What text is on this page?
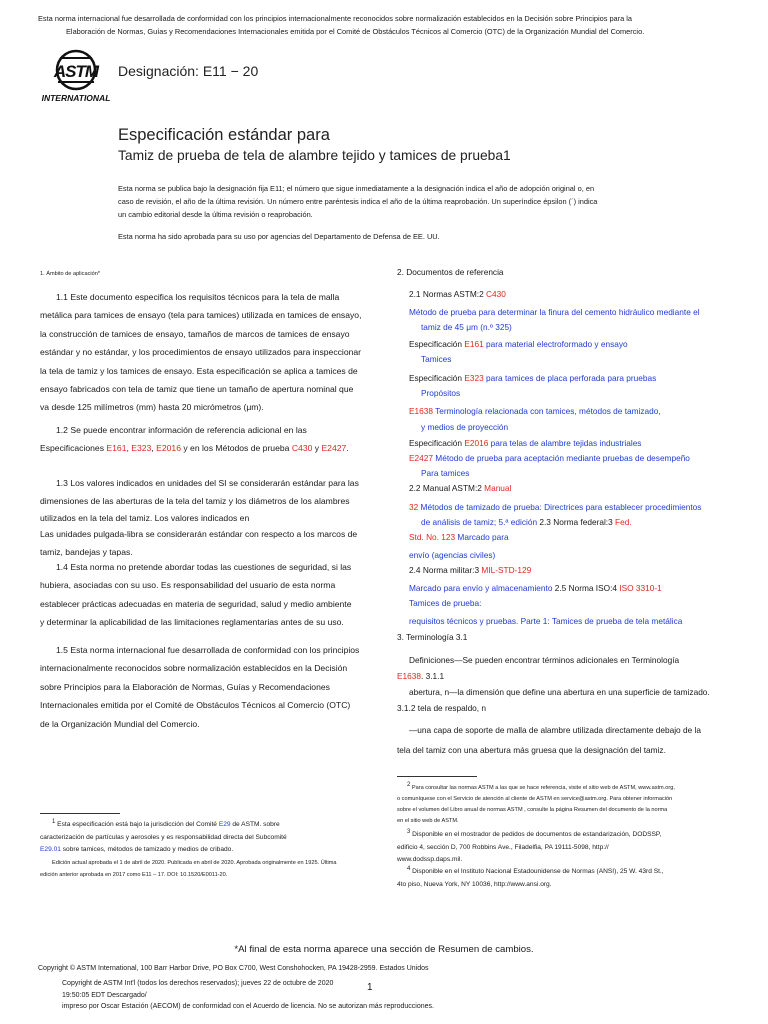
Esta norma internacional fue desarrollada de conformidad con los principios internacionalmente reconocidos sobre normalización establecidos en la Decisión sobre Principios para la
Elaboración de Normas, Guías y Recomendaciones Internacionales emitida por el Comité de Obstáculos Técnicos al Comercio (OTC) de la Organización Mundial del Comercio.
ASTM
INTERNATIONAL
Designación: E11 − 20
Especificación estándar para
Tamiz de prueba de tela de alambre tejido y tamices de prueba1
Esta norma se publica bajo la designación fija E11; el número que sigue inmediatamente a la designación indica el año de adopción original o, en
caso de revisión, el año de la última revisión. Un número entre paréntesis indica el año de la última reaprobación. Un superíndice épsilon (´) indica
un cambio editorial desde la última revisión o reaprobación.
Esta norma ha sido aprobada para su uso por agencias del Departamento de Defensa de EE. UU.
1. Ámbito de aplicación*
1.1 Este documento especifica los requisitos técnicos para la tela de malla
metálica para tamices de ensayo (tela para tamices) utilizada en tamices de ensayo,
la construcción de tamices de ensayo, tamaños de marcos de tamices de ensayo
estándar y no estándar, y los procedimientos de ensayo utilizados para inspeccionar
la tela de tamiz y los tamices de ensayo. Esta especificación se aplica a tamices de
ensayo fabricados con tela de tamiz que tiene un tamaño de apertura nominal que
va desde 125 milímetros (mm) hasta 20 micrómetros (μm).
1.2 Se puede encontrar información de referencia adicional en las
Especificaciones E161, E323, E2016 y en los Métodos de prueba C430 y E2427.
1.3 Los valores indicados en unidades del SI se considerarán estándar para las
dimensiones de las aberturas de la tela del tamiz y los diámetros de los alambres
utilizados en la tela del tamiz. Los valores indicados en
Las unidades pulgada-libra se considerarán estándar con respecto a los marcos de
tamiz, bandejas y tapas.
1.4 Esta norma no pretende abordar todas las cuestiones de seguridad, si las
hubiera, asociadas con su uso. Es responsabilidad del usuario de esta norma
establecer prácticas adecuadas en materia de seguridad, salud y medio ambiente
y determinar la aplicabilidad de las limitaciones reglamentarias antes de su uso.
1.5 Esta norma internacional fue desarrollada de conformidad con los principios
internacionalmente reconocidos sobre normalización establecidos en la Decisión
sobre Principios para la Elaboración de Normas, Guías y Recomendaciones
Internacionales emitida por el Comité de Obstáculos Técnicos al Comercio (OTC)
de la Organización Mundial del Comercio.
$^1$ Esta especificación está bajo la jurisdicción del Comité E29 de ASTM. sobre
caracterización de partículas y aerosoles y es responsabilidad directa del Subcomité
E29.01 sobre tamices, métodos de tamizado y medios de cribado.
Edición actual aprobada el 1 de abril de 2020. Publicada en abril de 2020. Aprobada originalmente en 1925. Última
edición anterior aprobada en 2017 como E11 – 17. DOI: 10.1520/E0011-20.
2. Documentos de referencia
2.1 Normas ASTM:2 C430
Método de prueba para determinar la finura del cemento hidráulico mediante el
tamiz de 45 μm (n.º 325)
Especificación E161 para material electroformado y ensayo
Tamices
Especificación E323 para tamices de placa perforada para pruebas
Propósitos
E1638 Terminología relacionada con tamices, métodos de tamizado,
y medios de proyección
Especificación E2016 para telas de alambre tejidas industriales
E2427 Método de prueba para aceptación mediante pruebas de desempeño
Para tamices
2.2 Manual ASTM:2 Manual
32 Métodos de tamizado de prueba: Directrices para establecer procedimientos
de análisis de tamiz; 5.ª edición 2.3 Norma federal:3 Fed.
Std. No. 123 Marcado para
envío (agencias civiles)
2.4 Norma militar:3 MIL-STD-129
Marcado para envío y almacenamiento 2.5 Norma ISO:4 ISO 3310-1
Tamices de prueba:
requisitos técnicos y pruebas. Parte 1: Tamices de prueba de tela metálica
3. Terminología 3.1
Definiciones—Se pueden encontrar términos adicionales en Terminología
E1638. 3.1.1
abertura, n—la dimensión que define una abertura en una superficie de tamizado.
3.1.2 tela de respaldo, n
—una capa de soporte de malla de alambre utilizada directamente debajo de la
tela del tamiz con una abertura más gruesa que la designación del tamiz.
$^2$ Para consultar las normas ASTM a las que se hace referencia, visite el sitio web de ASTM, www.astm.org,
o comuníquese con el Servicio de atención al cliente de ASTM en service@astm.org. Para obtener información
sobre el volumen del Libro anual de normas ASTM , consulte la página Resumen del documento de la norma
en el sitio web de ASTM.
$^3$ Disponible en el mostrador de pedidos de documentos de estandarización, DODSSP,
edificio 4, sección D, 700 Robbins Ave., Filadelfia, PA 19111-5098, http://
www.dodssp.daps.mil.
$^4$ Disponible en el Instituto Nacional Estadounidense de Normas (ANSI), 25 W. 43rd St.,
4to piso, Nueva York, NY 10036, http://www.ansi.org.
*Al final de esta norma aparece una sección de Resumen de cambios.
Copyright © ASTM International, 100 Barr Harbor Drive, PO Box C700, West Conshohocken, PA 19428-2959. Estados Unidos
Copyright de ASTM Int'l (todos los derechos reservados); jueves 22 de octubre de 2020
19:50:05 EDT Descargado/
impreso por Oscar Estación (AECOM) de conformidad con el Acuerdo de licencia. No se autorizan más reproducciones.
1
